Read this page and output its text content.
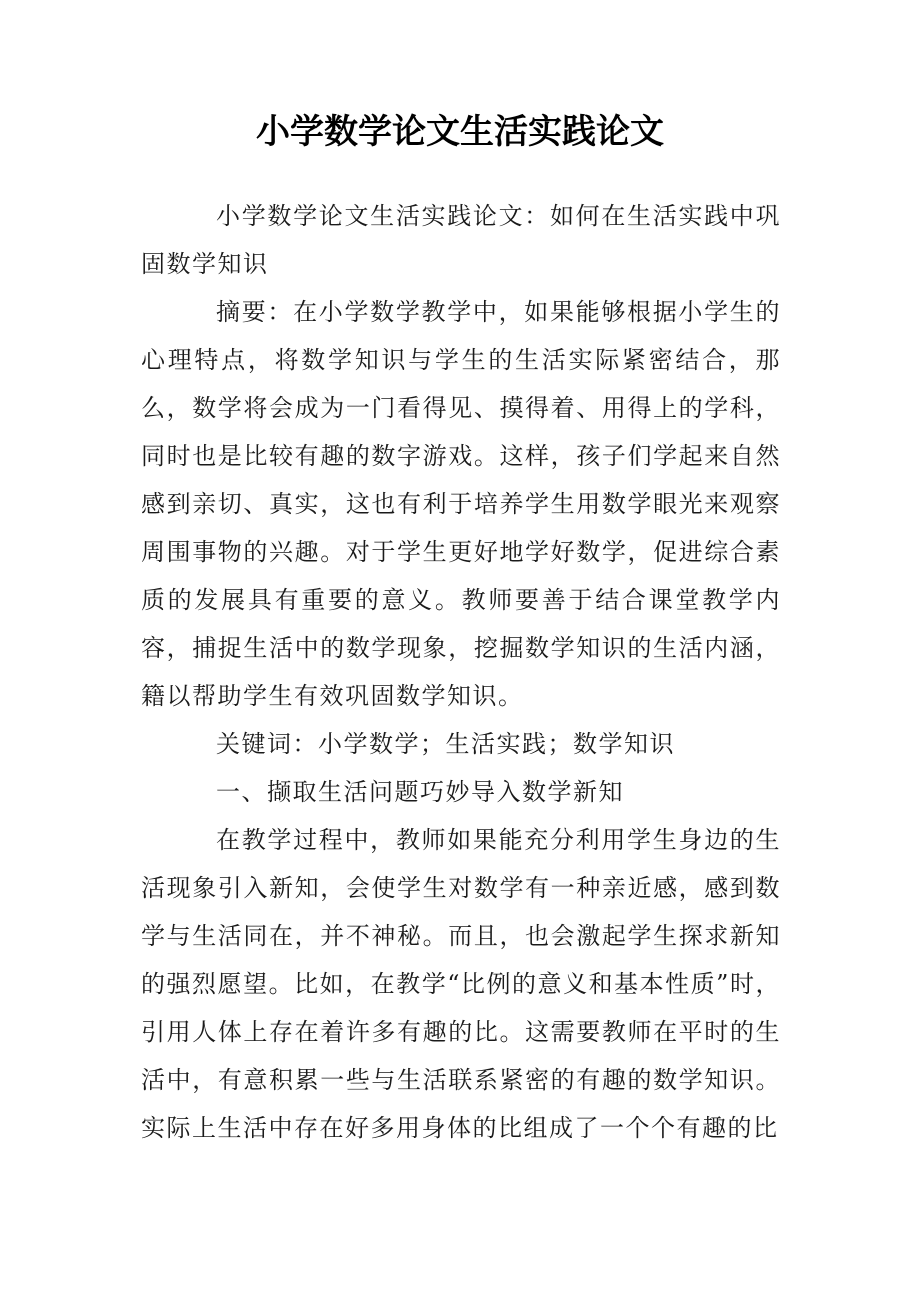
小学数学论文生活实践论文

小学数学论文生活实践论文：如何在生活实践中巩固数学知识

摘要：在小学数学教学中，如果能够根据小学生的心理特点，将数学知识与学生的生活实际紧密结合，那么，数学将会成为一门看得见、摸得着、用得上的学科，同时也是比较有趣的数字游戏。这样，孩子们学起来自然感到亲切、真实，这也有利于培养学生用数学眼光来观察周围事物的兴趣。对于学生更好地学好数学，促进综合素质的发展具有重要的意义。教师要善于结合课堂教学内容，捕捉生活中的数学现象，挖掘数学知识的生活内涵，籍以帮助学生有效巩固数学知识。

关键词：小学数学；生活实践；数学知识

一、撷取生活问题巧妙导入数学新知

在教学过程中，教师如果能充分利用学生身边的生活现象引入新知，会使学生对数学有一种亲近感，感到数学与生活同在，并不神秘。而且，也会激起学生探求新知的强烈愿望。比如，在教学“比例的意义和基本性质”时，引用人体上存在着许多有趣的比。这需要教师在平时的生活中，有意积累一些与生活联系紧密的有趣的数学知识。实际上生活中存在好多用身体的比组成了一个个有趣的比
